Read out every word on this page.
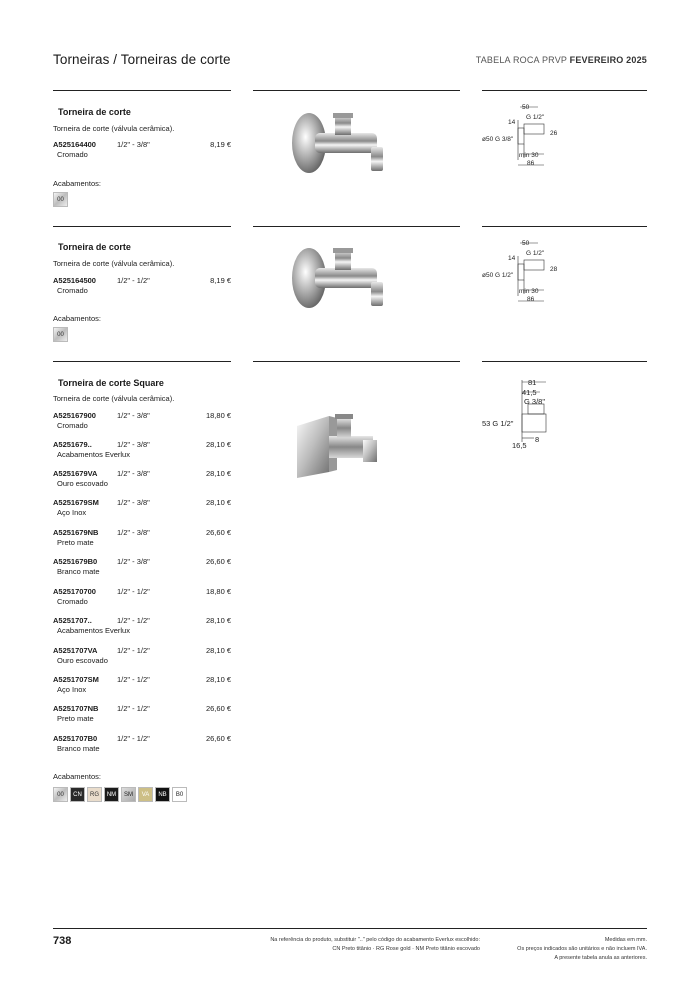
Torneiras / Torneiras de corte	TABELA ROCA PRVP FEVEREIRO 2025
Torneira de corte
Torneira de corte (válvula cerâmica).
A525164400	1/2" - 3/8"	8,19 €
Cromado
Acabamentos:
00
50
G 1/2"
14
ø50 G 3/8"
26
min 30
86
Torneira de corte
Torneira de corte (válvula cerâmica).
A525164500	1/2" - 1/2"	8,19 €
Cromado
Acabamentos:
00
50
G 1/2"
14
ø50 G 1/2"
28
min 30
86
Torneira de corte Square
Torneira de corte (válvula cerâmica).
A525167900	1/2" - 3/8"	18,80 €
Cromado
A5251679..	1/2" - 3/8"	28,10 €
Acabamentos Everlux
A5251679VA	1/2" - 3/8"	28,10 €
Ouro escovado
A5251679SM 1/2" - 3/8"	28,10 €
Aço Inox
A5251679NB 1/2" - 3/8"	26,60 €
Preto mate
A5251679B0	1/2" - 3/8"	26,60 €
Branco mate
A525170700	1/2" - 1/2"	18,80 €
Cromado
A5251707..	1/2" - 1/2"	28,10 €
Acabamentos Everlux
A5251707VA	1/2" - 1/2"	28,10 €
Ouro escovado
A5251707SM 1/2" - 1/2"	28,10 €
Aço Inox
A5251707NB 1/2" - 1/2"	26,60 €
Preto mate
A5251707B0	1/2" - 1/2"	26,60 €
Branco mate
Acabamentos:
00	CN	RG	NM	SM	VA	NB	B0
81
41,5
G 3/8"
53 G 1/2"
8
16,5
738	Na referência do produto, substituir ".." pelo código do acabamento Everlux escolhido:
CN Preto titânio · RG Rose gold · NM Preto titânio escovado
Medidas em mm.
Os preços indicados são unitários e não incluem IVA.
A presente tabela anula as anteriores.
